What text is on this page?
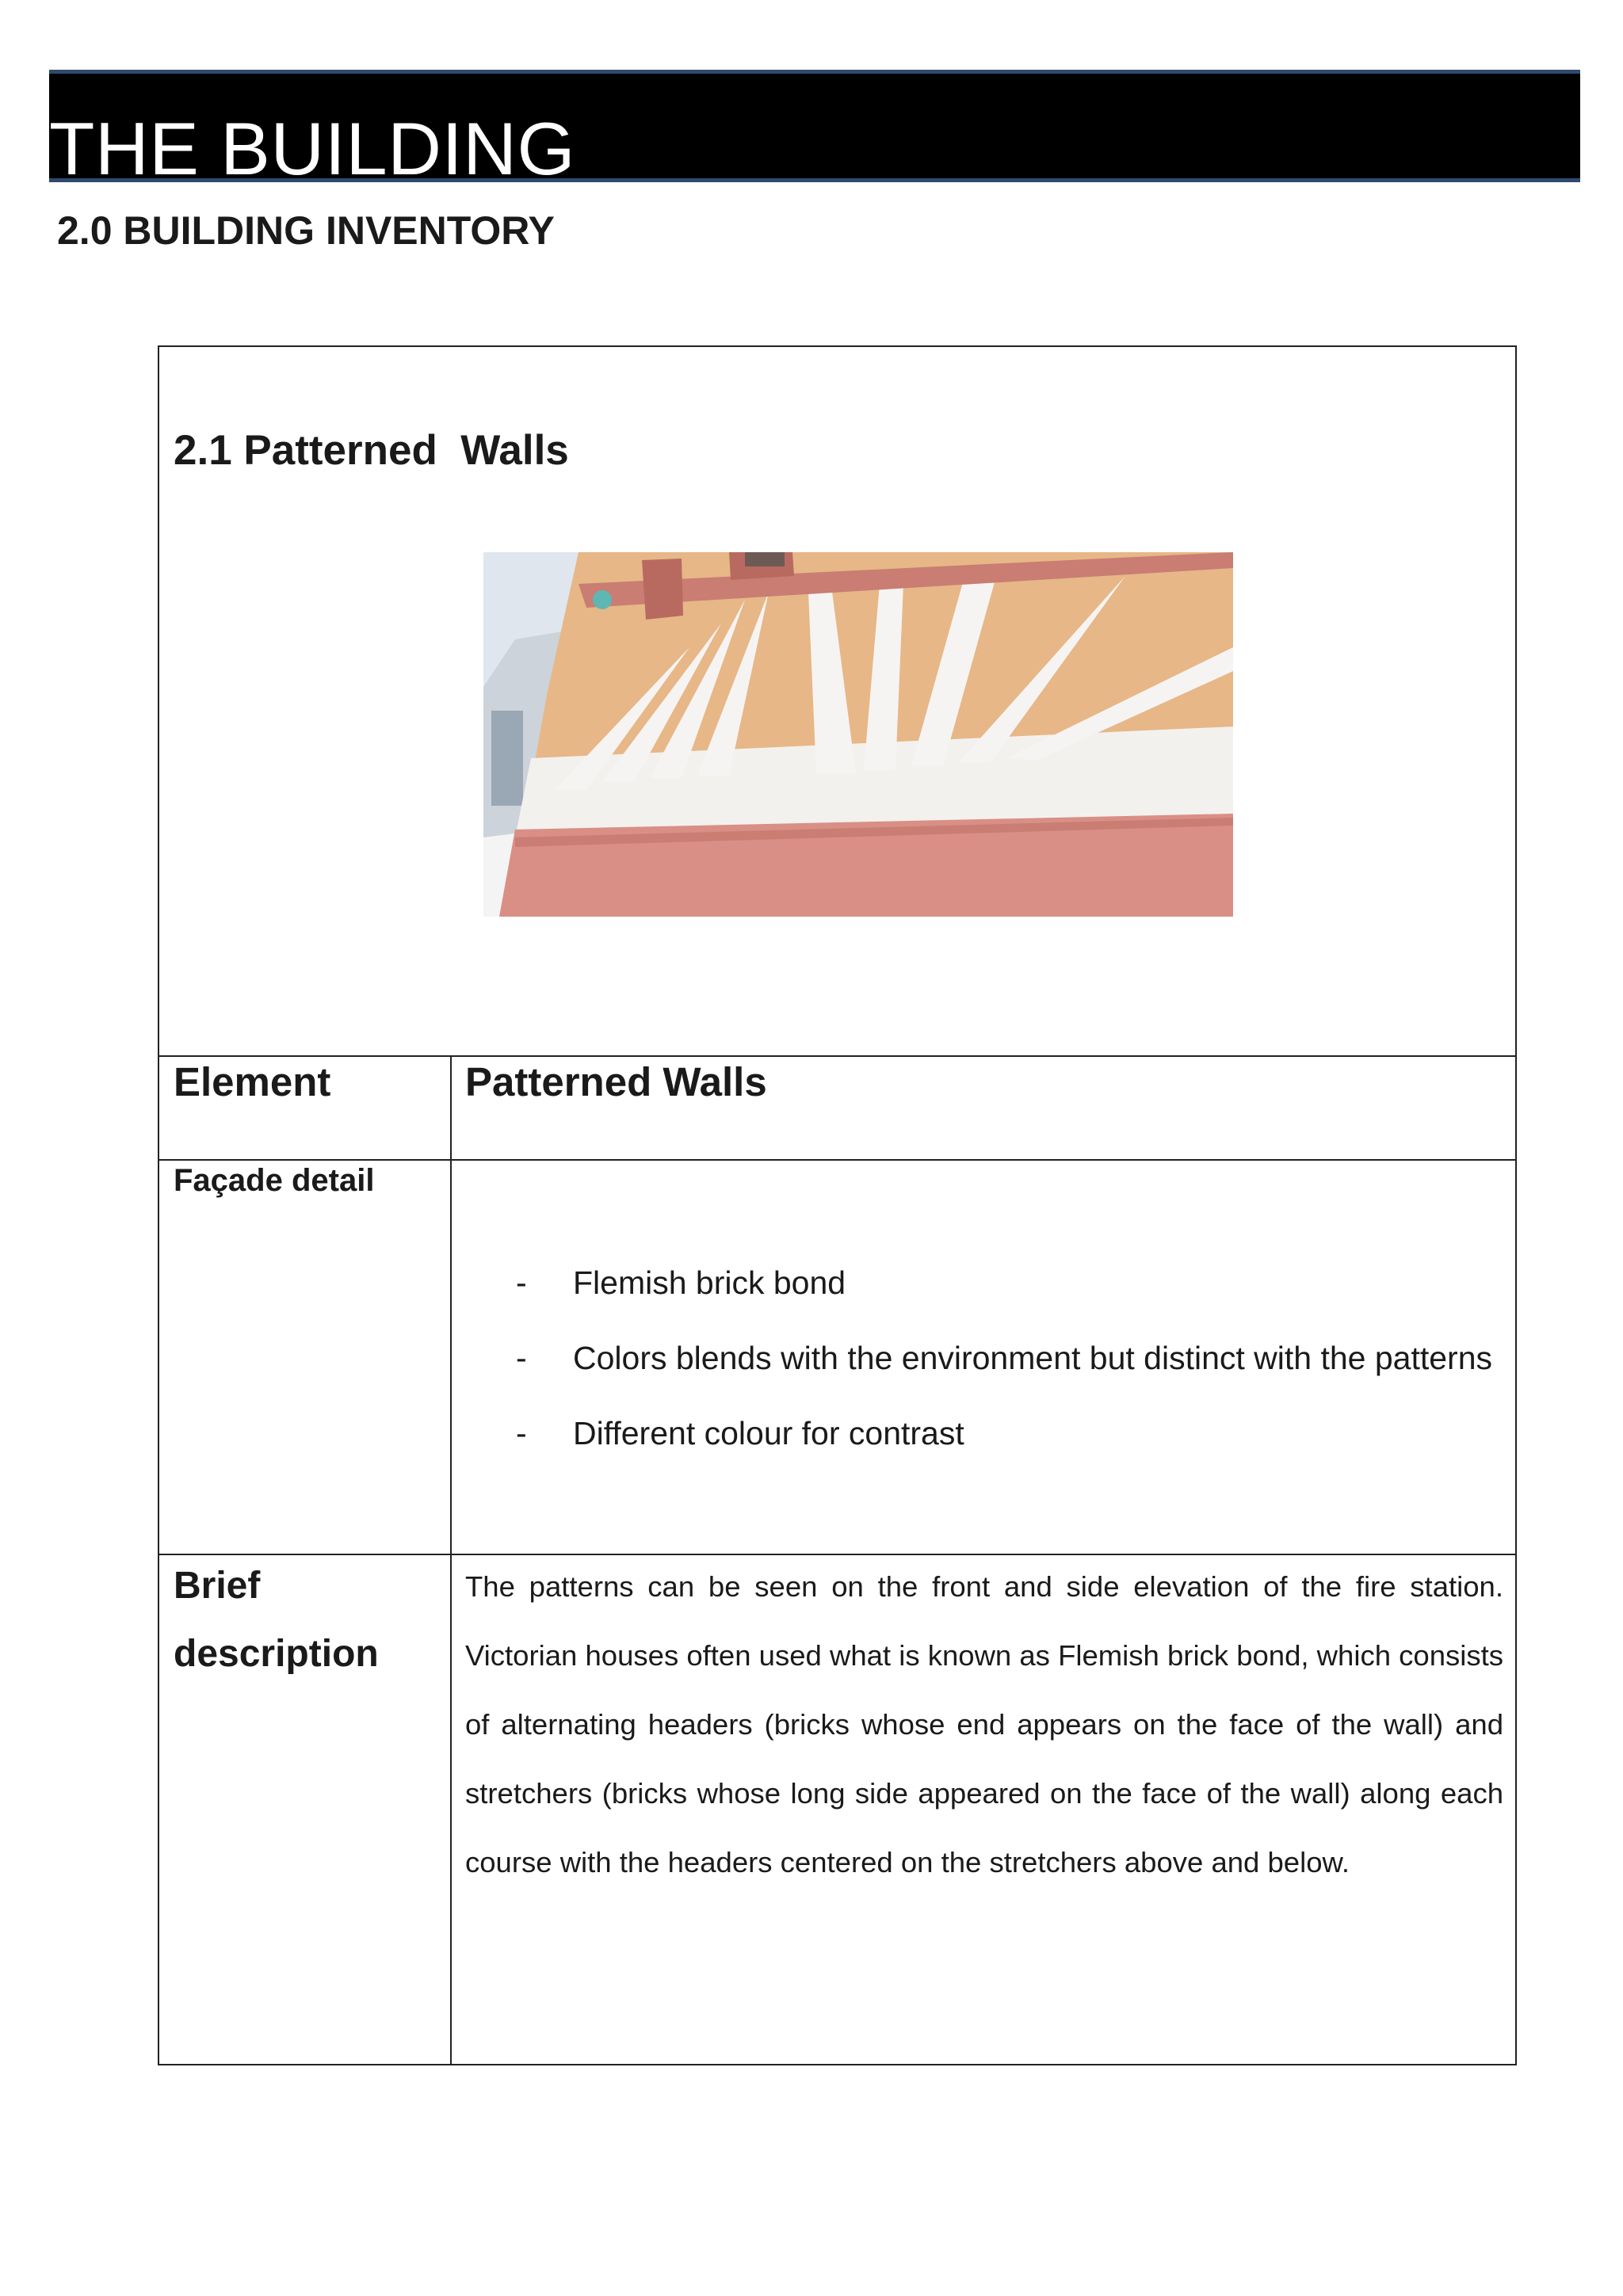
THE BUILDING
2.0 BUILDING INVENTORY
2.1 Patterned  Walls

Element	Patterned Walls

Façade detail

- Flemish brick bond
- Colors blends with the environment but distinct with the patterns
- Different colour for contrast
Brief
description

The patterns can be seen on the front and side elevation of the fire station. Victorian houses often used what is known as Flemish brick bond, which consists of alternating headers (bricks whose end appears on the face of the wall) and stretchers (bricks whose long side appeared on the face of the wall) along each course with the headers centered on the stretchers above and below.
